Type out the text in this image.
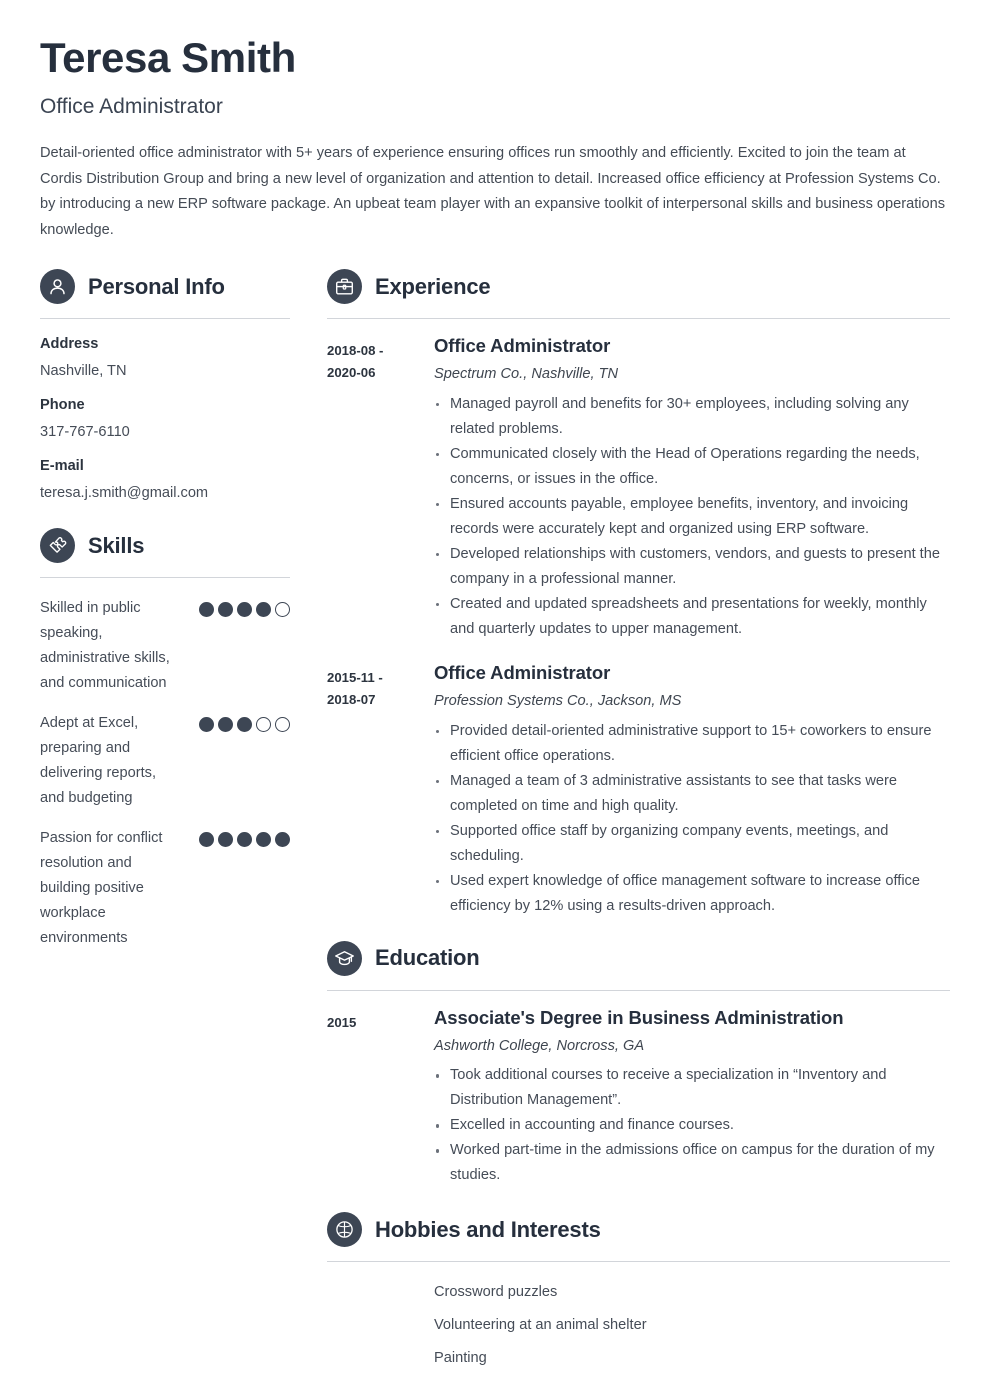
Teresa Smith
Office Administrator

Detail-oriented office administrator with 5+ years of experience ensuring offices run smoothly and efficiently. Excited to join the team at Cordis Distribution Group and bring a new level of organization and attention to detail. Increased office efficiency at Profession Systems Co. by introducing a new ERP software package. An upbeat team player with an expansive toolkit of interpersonal skills and business operations knowledge.

Personal Info
Address
Nashville, TN
Phone
317-767-6110
E-mail
teresa.j.smith@gmail.com
Skills
Skilled in public speaking, administrative skills, and communication
Adept at Excel, preparing and delivering reports, and budgeting
Passion for conflict resolution and building positive workplace environments
Experience
2018-08 -
2020-06
Office Administrator
Spectrum Co., Nashville, TN
Managed payroll and benefits for 30+ employees, including solving any related problems.
Communicated closely with the Head of Operations regarding the needs, concerns, or issues in the office.
Ensured accounts payable, employee benefits, inventory, and invoicing records were accurately kept and organized using ERP software.
Developed relationships with customers, vendors, and guests to present the company in a professional manner.
Created and updated spreadsheets and presentations for weekly, monthly and quarterly updates to upper management.
2015-11 -
2018-07
Office Administrator
Profession Systems Co., Jackson, MS
Provided detail-oriented administrative support to 15+ coworkers to ensure efficient office operations.
Managed a team of 3 administrative assistants to see that tasks were completed on time and high quality.
Supported office staff by organizing company events, meetings, and scheduling.
Used expert knowledge of office management software to increase office efficiency by 12% using a results-driven approach.
Education
2015	Associate's Degree in Business Administration
Ashworth College, Norcross, GA
Took additional courses to receive a specialization in “Inventory and Distribution Management”.
Excelled in accounting and finance courses.
Worked part-time in the admissions office on campus for the duration of my studies.
Hobbies and Interests
Crossword puzzles
Volunteering at an animal shelter
Painting
